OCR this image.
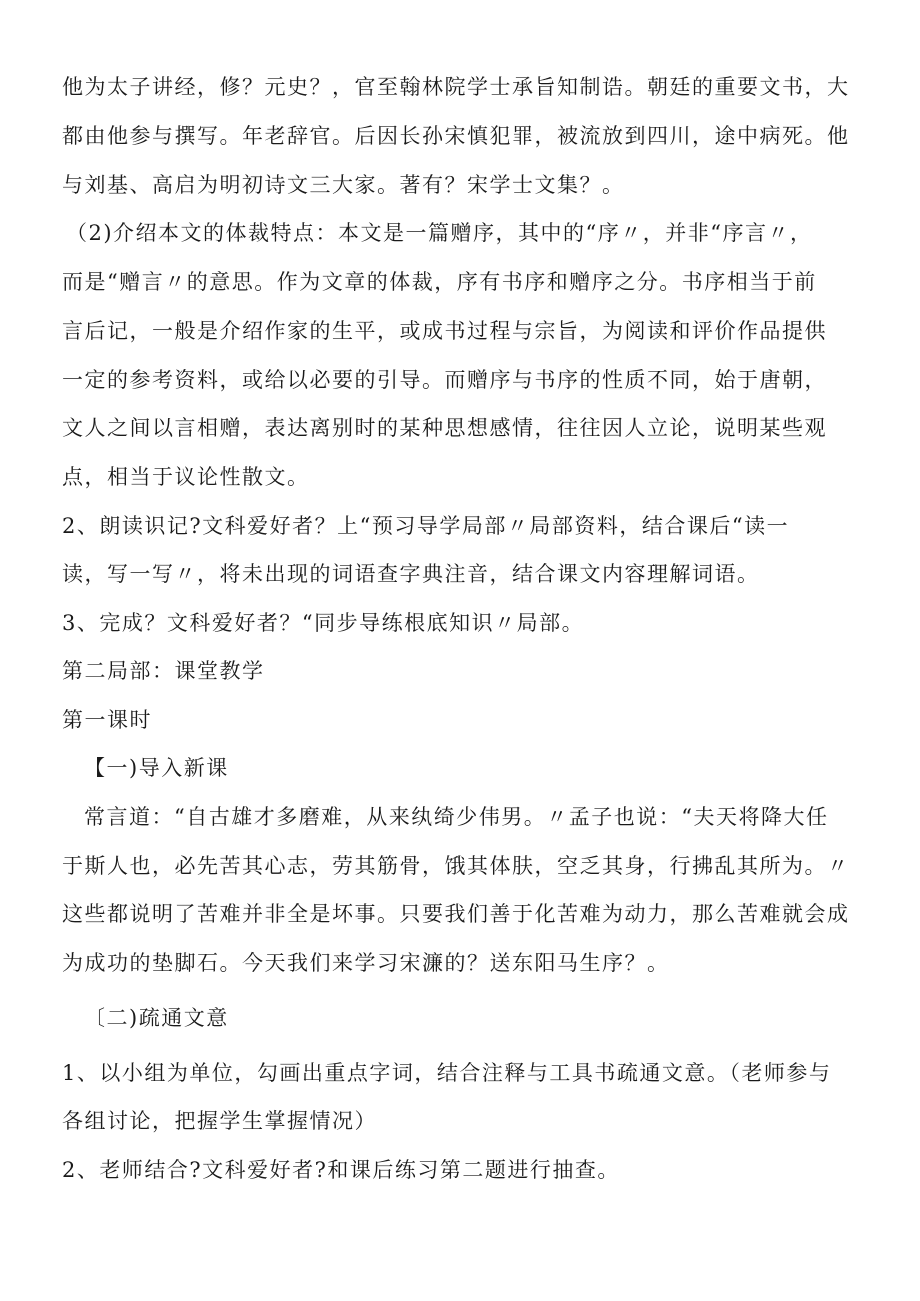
他为太子讲经，修？元史？，官至翰林院学士承旨知制诰。朝廷的重要文书，大
都由他参与撰写。年老辞官。后因长孙宋慎犯罪，被流放到四川，途中病死。他
与刘基、高启为明初诗文三大家。著有？宋学士文集？。
（2)介绍本文的体裁特点：本文是一篇赠序，其中的“序〃，并非“序言〃，
而是“赠言〃的意思。作为文章的体裁，序有书序和赠序之分。书序相当于前
言后记，一般是介绍作家的生平，或成书过程与宗旨，为阅读和评价作品提供
一定的参考资料，或给以必要的引导。而赠序与书序的性质不同，始于唐朝，
文人之间以言相赠，表达离别时的某种思想感情，往往因人立论，说明某些观
点，相当于议论性散文。
2、朗读识记?文科爱好者？上“预习导学局部〃局部资料，结合课后“读一
读，写一写〃，将未出现的词语查字典注音，结合课文内容理解词语。
3、完成？文科爱好者？“同步导练根底知识〃局部。
第二局部：课堂教学
第一课时
【一)导入新课
常言道：“自古雄才多磨难，从来纨绮少伟男。〃孟子也说：“夫天将降大任
于斯人也，必先苦其心志，劳其筋骨，饿其体肤，空乏其身，行拂乱其所为。〃
这些都说明了苦难并非全是坏事。只要我们善于化苦难为动力，那么苦难就会成
为成功的垫脚石。今天我们来学习宋濂的？送东阳马生序？。
〔二)疏通文意
1、以小组为单位，勾画出重点字词，结合注释与工具书疏通文意。（老师参与
各组讨论，把握学生掌握情况）
2、老师结合?文科爱好者?和课后练习第二题进行抽查。
